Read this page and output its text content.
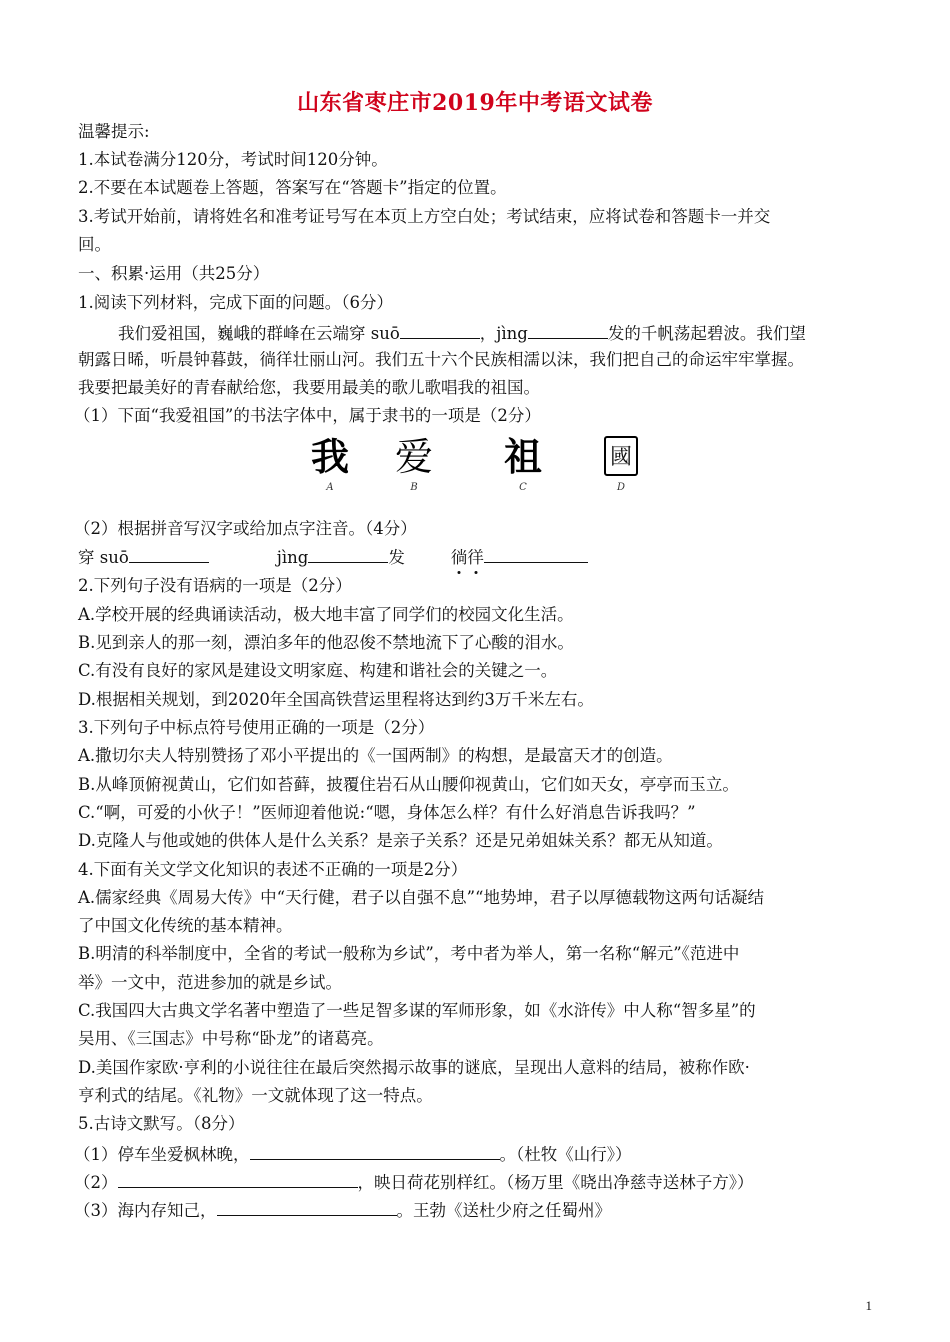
山东省枣庄市2019年中考语文试卷
温馨提示:
1.本试卷满分120分，考试时间120分钟。
2.不要在本试题卷上答题，答案写在“答题卡”指定的位置。
3.考试开始前，请将姓名和准考证号写在本页上方空白处；考试结束，应将试卷和答题卡一并交
回。
一、积累·运用（共25分）
1.阅读下列材料，完成下面的问题。（6分）
我们爱祖国，巍峨的群峰在云端穿 suō	，jìng	发的千帆荡起碧波。我们望
朝露日晞，听晨钟暮鼓，徜徉壮丽山河。我们五十六个民族相濡以沫，我们把自己的命运牢牢掌握。
我要把最美好的青春献给您，我要用最美的歌儿歌唱我的祖国。
（1）下面“我爱祖国”的书法字体中，属于隶书的一项是（2分）
我
A
爱
B
祖
C
國
D
（2）根据拼音写汉字或给加点字注音。（4分）
穿 suō	jìng	发	徜徉
2.下列句子没有语病的一项是（2分）
A.学校开展的经典诵读活动，极大地丰富了同学们的校园文化生活。
B.见到亲人的那一刻，漂泊多年的他忍俊不禁地流下了心酸的泪水。
C.有没有良好的家风是建设文明家庭、构建和谐社会的关键之一。
D.根据相关规划，到2020年全国高铁营运里程将达到约3万千米左右。
3.下列句子中标点符号使用正确的一项是（2分）
A.撒切尔夫人特别赞扬了邓小平提出的《一国两制》的构想，是最富天才的创造。
B.从峰顶俯视黄山，它们如苔藓，披覆住岩石从山腰仰视黄山，它们如天女，亭亭而玉立。
C.“啊，可爱的小伙子！”医师迎着他说:“嗯，身体怎么样？有什么好消息告诉我吗？”
D.克隆人与他或她的供体人是什么关系？是亲子关系？还是兄弟姐妹关系？都无从知道。
4.下面有关文学文化知识的表述不正确的一项是2分）
A.儒家经典《周易大传》中“天行健，君子以自强不息”“地势坤，君子以厚德载物这两句话凝结
了中国文化传统的基本精神。
B.明清的科举制度中，全省的考试一般称为乡试”，考中者为举人，第一名称“解元”《范进中
举》一文中，范进参加的就是乡试。
C.我国四大古典文学名著中塑造了一些足智多谋的军师形象，如《水浒传》中人称“智多星”的
吴用、《三国志》中号称“卧龙”的诸葛亮。
D.美国作家欧·亨利的小说往往在最后突然揭示故事的谜底，呈现出人意料的结局，被称作欧·
亨利式的结尾。《礼物》一文就体现了这一特点。
5.古诗文默写。（8分）
（1）停车坐爱枫林晚，	。（杜牧《山行》）
（2）	，映日荷花别样红。（杨万里《晓出净慈寺送林子方》）
（3）海内存知己，	。王勃《送杜少府之任蜀州》
1
